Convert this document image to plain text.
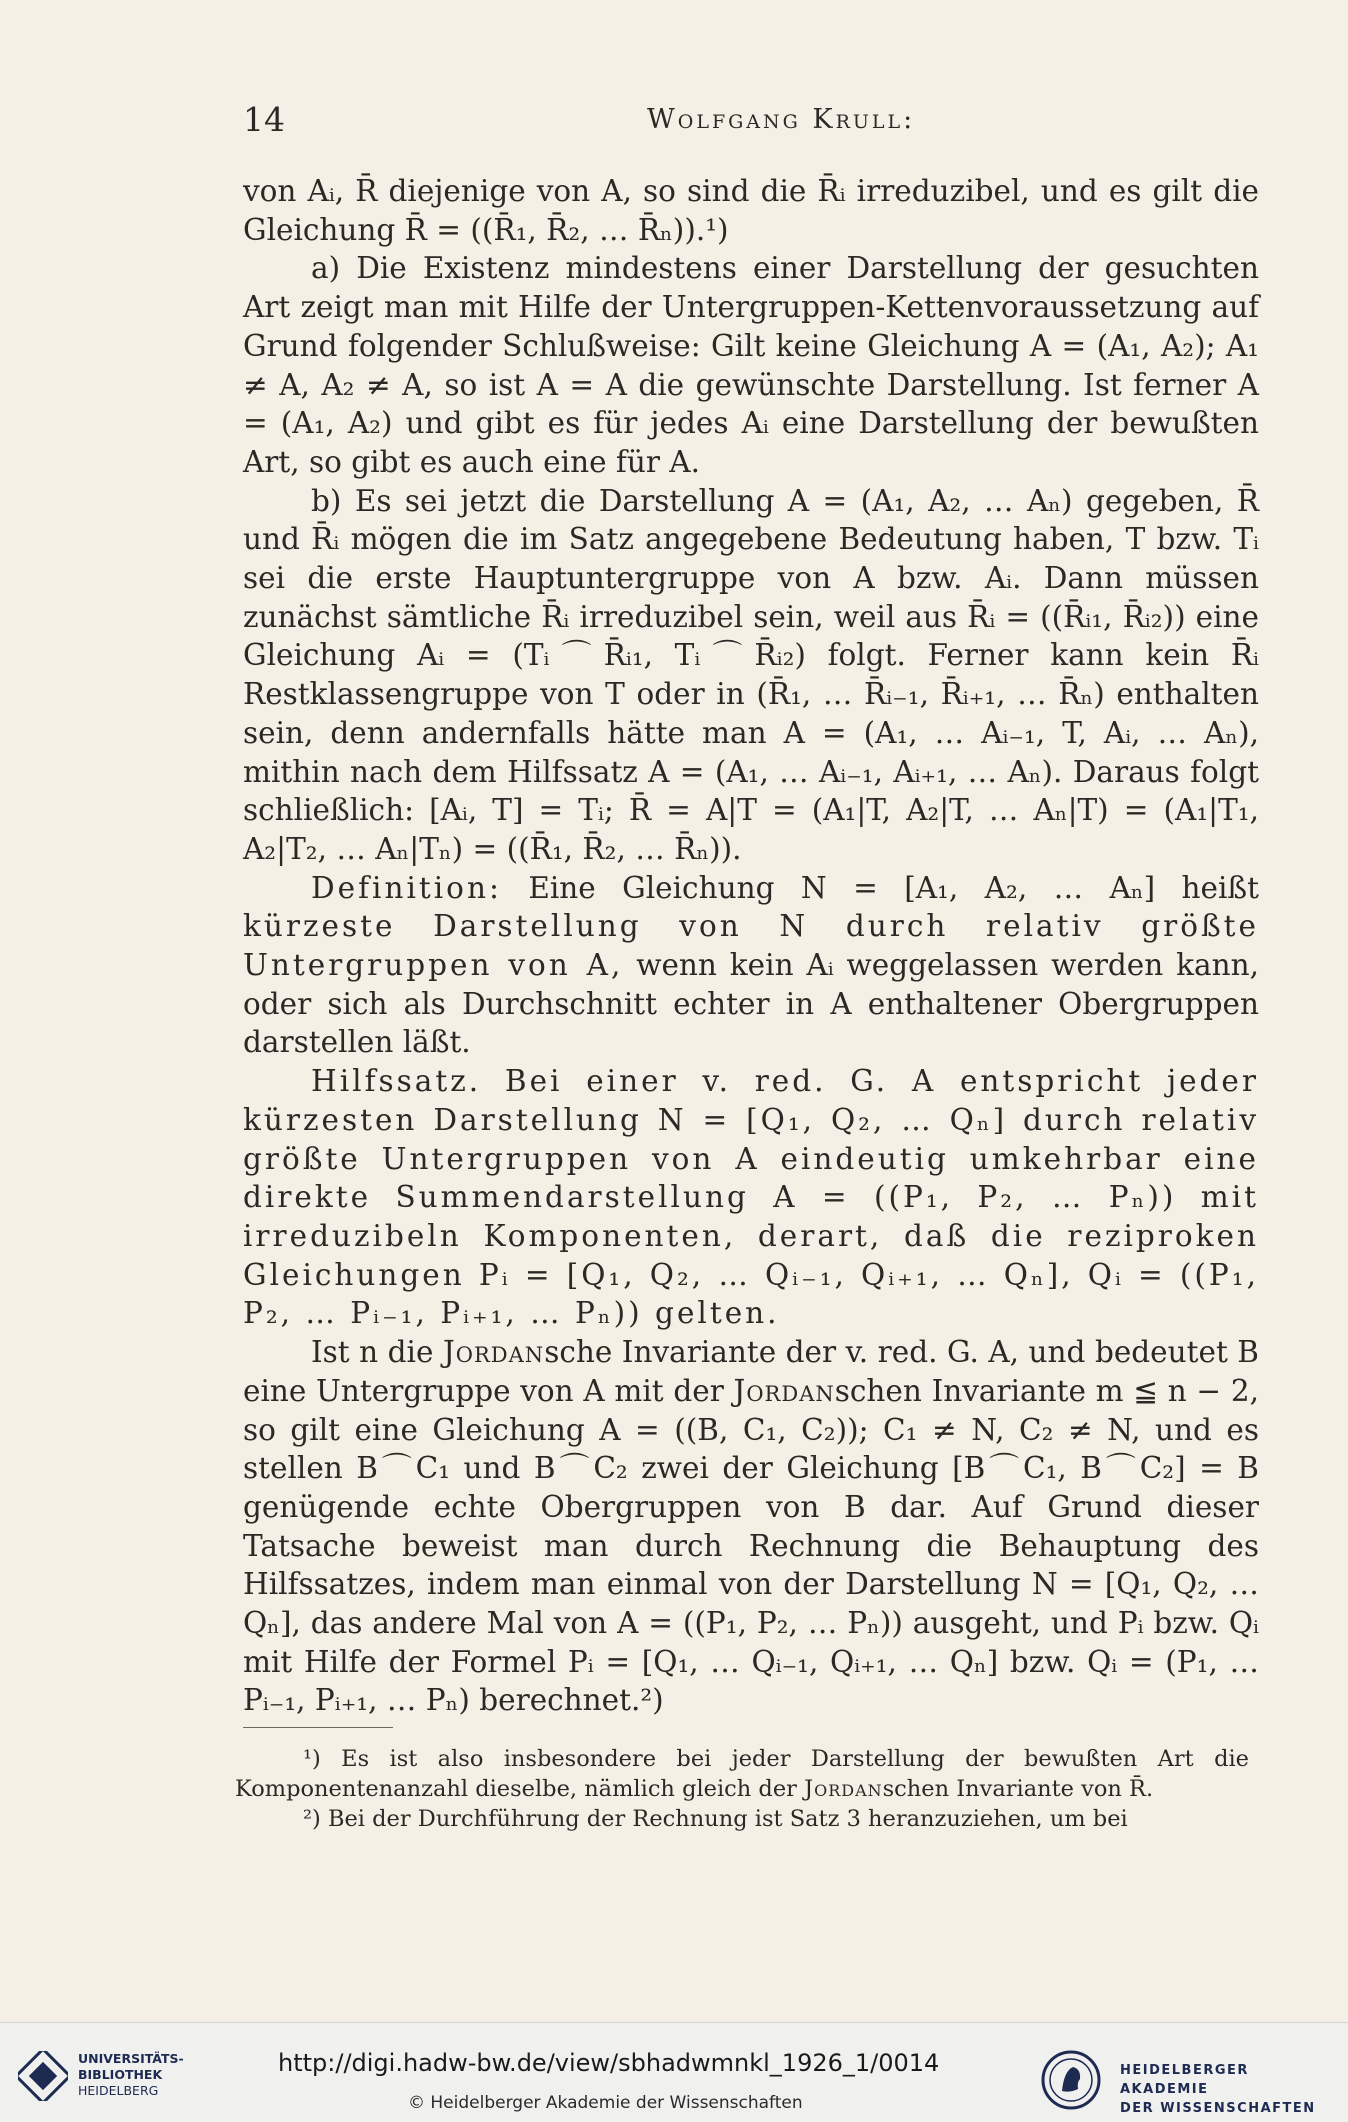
14	Wolfgang Krull:

von Aᵢ, R̄ diejenige von A, so sind die R̄ᵢ irreduzibel, und es gilt die Gleichung R̄ = ((R̄₁, R̄₂, … R̄ₙ)).¹)

a) Die Existenz mindestens einer Darstellung der gesuchten Art zeigt man mit Hilfe der Untergruppen-Kettenvoraussetzung auf Grund folgender Schlußweise: Gilt keine Gleichung A = (A₁, A₂); A₁ ≠ A, A₂ ≠ A, so ist A = A die gewünschte Darstellung. Ist ferner A = (A₁, A₂) und gibt es für jedes Aᵢ eine Darstellung der bewußten Art, so gibt es auch eine für A.

b) Es sei jetzt die Darstellung A = (A₁, A₂, … Aₙ) gegeben, R̄ und R̄ᵢ mögen die im Satz angegebene Bedeutung haben, T bzw. Tᵢ sei die erste Hauptuntergruppe von A bzw. Aᵢ. Dann müssen zunächst sämtliche R̄ᵢ irreduzibel sein, weil aus R̄ᵢ = ((R̄ᵢ₁, R̄ᵢ₂)) eine Gleichung Aᵢ = (Tᵢ⌒R̄ᵢ₁, Tᵢ⌒R̄ᵢ₂) folgt. Ferner kann kein R̄ᵢ Restklassengruppe von T oder in (R̄₁, … R̄ᵢ₋₁, R̄ᵢ₊₁, … R̄ₙ) enthalten sein, denn andernfalls hätte man A = (A₁, … Aᵢ₋₁, T, Aᵢ, … Aₙ), mithin nach dem Hilfssatz A = (A₁, … Aᵢ₋₁, Aᵢ₊₁, … Aₙ). Daraus folgt schließlich: [Aᵢ, T] = Tᵢ; R̄ = A|T = (A₁|T, A₂|T, … Aₙ|T) = (A₁|T₁, A₂|T₂, … Aₙ|Tₙ) = ((R̄₁, R̄₂, … R̄ₙ)).

Definition: Eine Gleichung N = [A₁, A₂, … Aₙ] heißt kürzeste Darstellung von N durch relativ größte Untergruppen von A, wenn kein Aᵢ weggelassen werden kann, oder sich als Durchschnitt echter in A enthaltener Obergruppen darstellen läßt.

Hilfssatz. Bei einer v. red. G. A entspricht jeder kürzesten Darstellung N = [Q₁, Q₂, … Qₙ] durch relativ größte Untergruppen von A eindeutig umkehrbar eine direkte Summendarstellung A = ((P₁, P₂, … Pₙ)) mit irreduzibeln Komponenten, derart, daß die reziproken Gleichungen Pᵢ = [Q₁, Q₂, … Qᵢ₋₁, Qᵢ₊₁, … Qₙ], Qᵢ = ((P₁, P₂, … Pᵢ₋₁, Pᵢ₊₁, … Pₙ)) gelten.

Ist n die Jordansche Invariante der v. red. G. A, und bedeutet B eine Untergruppe von A mit der Jordanschen Invariante m ≦ n − 2, so gilt eine Gleichung A = ((B, C₁, C₂)); C₁ ≠ N, C₂ ≠ N, und es stellen B⌒C₁ und B⌒C₂ zwei der Gleichung [B⌒C₁, B⌒C₂] = B genügende echte Obergruppen von B dar. Auf Grund dieser Tatsache beweist man durch Rechnung die Behauptung des Hilfssatzes, indem man einmal von der Darstellung N = [Q₁, Q₂, … Qₙ], das andere Mal von A = ((P₁, P₂, … Pₙ)) ausgeht, und Pᵢ bzw. Qᵢ mit Hilfe der Formel Pᵢ = [Q₁, … Qᵢ₋₁, Qᵢ₊₁, … Qₙ] bzw. Qᵢ = (P₁, … Pᵢ₋₁, Pᵢ₊₁, … Pₙ) berechnet.²)

¹) Es ist also insbesondere bei jeder Darstellung der bewußten Art die Komponentenanzahl dieselbe, nämlich gleich der Jordanschen Invariante von R̄.

²) Bei der Durchführung der Rechnung ist Satz 3 heranzuziehen, um bei

UNIVERSITÄTS-
BIBLIOTHEK
HEIDELBERG
http://digi.hadw-bw.de/view/sbhadwmnkl_1926_1/0014
© Heidelberger Akademie der Wissenschaften
HEIDELBERGER AKADEMIE
DER WISSENSCHAFTEN
